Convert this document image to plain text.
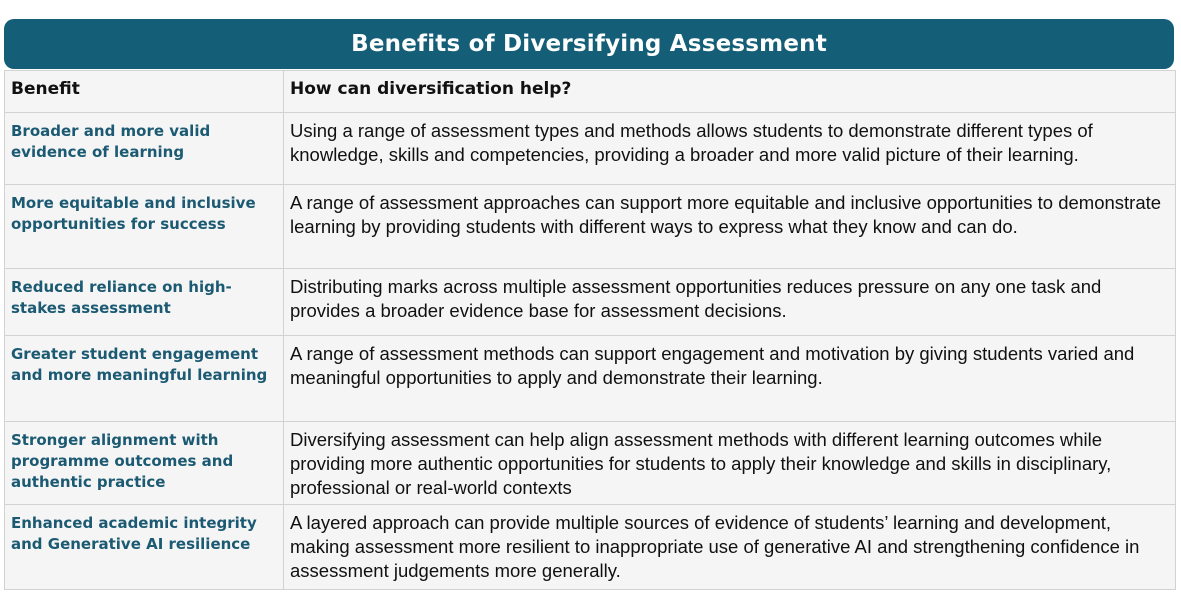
Benefits of Diversifying Assessment
Benefit	How can diversification help?
Broader and more valid evidence of learning	Using a range of assessment types and methods allows students to demonstrate different types of knowledge, skills and competencies, providing a broader and more valid picture of their learning.
More equitable and inclusive opportunities for success	A range of assessment approaches can support more equitable and inclusive opportunities to demonstrate learning by providing students with different ways to express what they know and can do.
Reduced reliance on high-stakes assessment	Distributing marks across multiple assessment opportunities reduces pressure on any one task and provides a broader evidence base for assessment decisions.
Greater student engagement and more meaningful learning	A range of assessment methods can support engagement and motivation by giving students varied and meaningful opportunities to apply and demonstrate their learning.
Stronger alignment with programme outcomes and authentic practice	Diversifying assessment can help align assessment methods with different learning outcomes while providing more authentic opportunities for students to apply their knowledge and skills in disciplinary, professional or real-world contexts
Enhanced academic integrity and Generative AI resilience	A layered approach can provide multiple sources of evidence of students’ learning and development, making assessment more resilient to inappropriate use of generative AI and strengthening confidence in assessment judgements more generally.
